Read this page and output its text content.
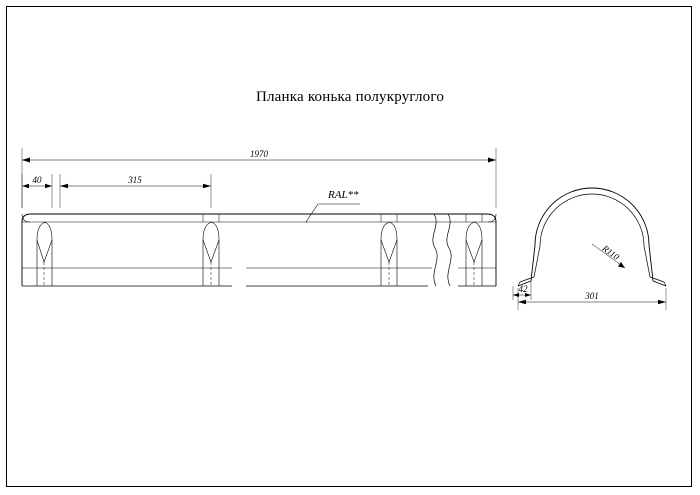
Планка конька полукруглого
1970
40	315
RAL**
42
301
R110
